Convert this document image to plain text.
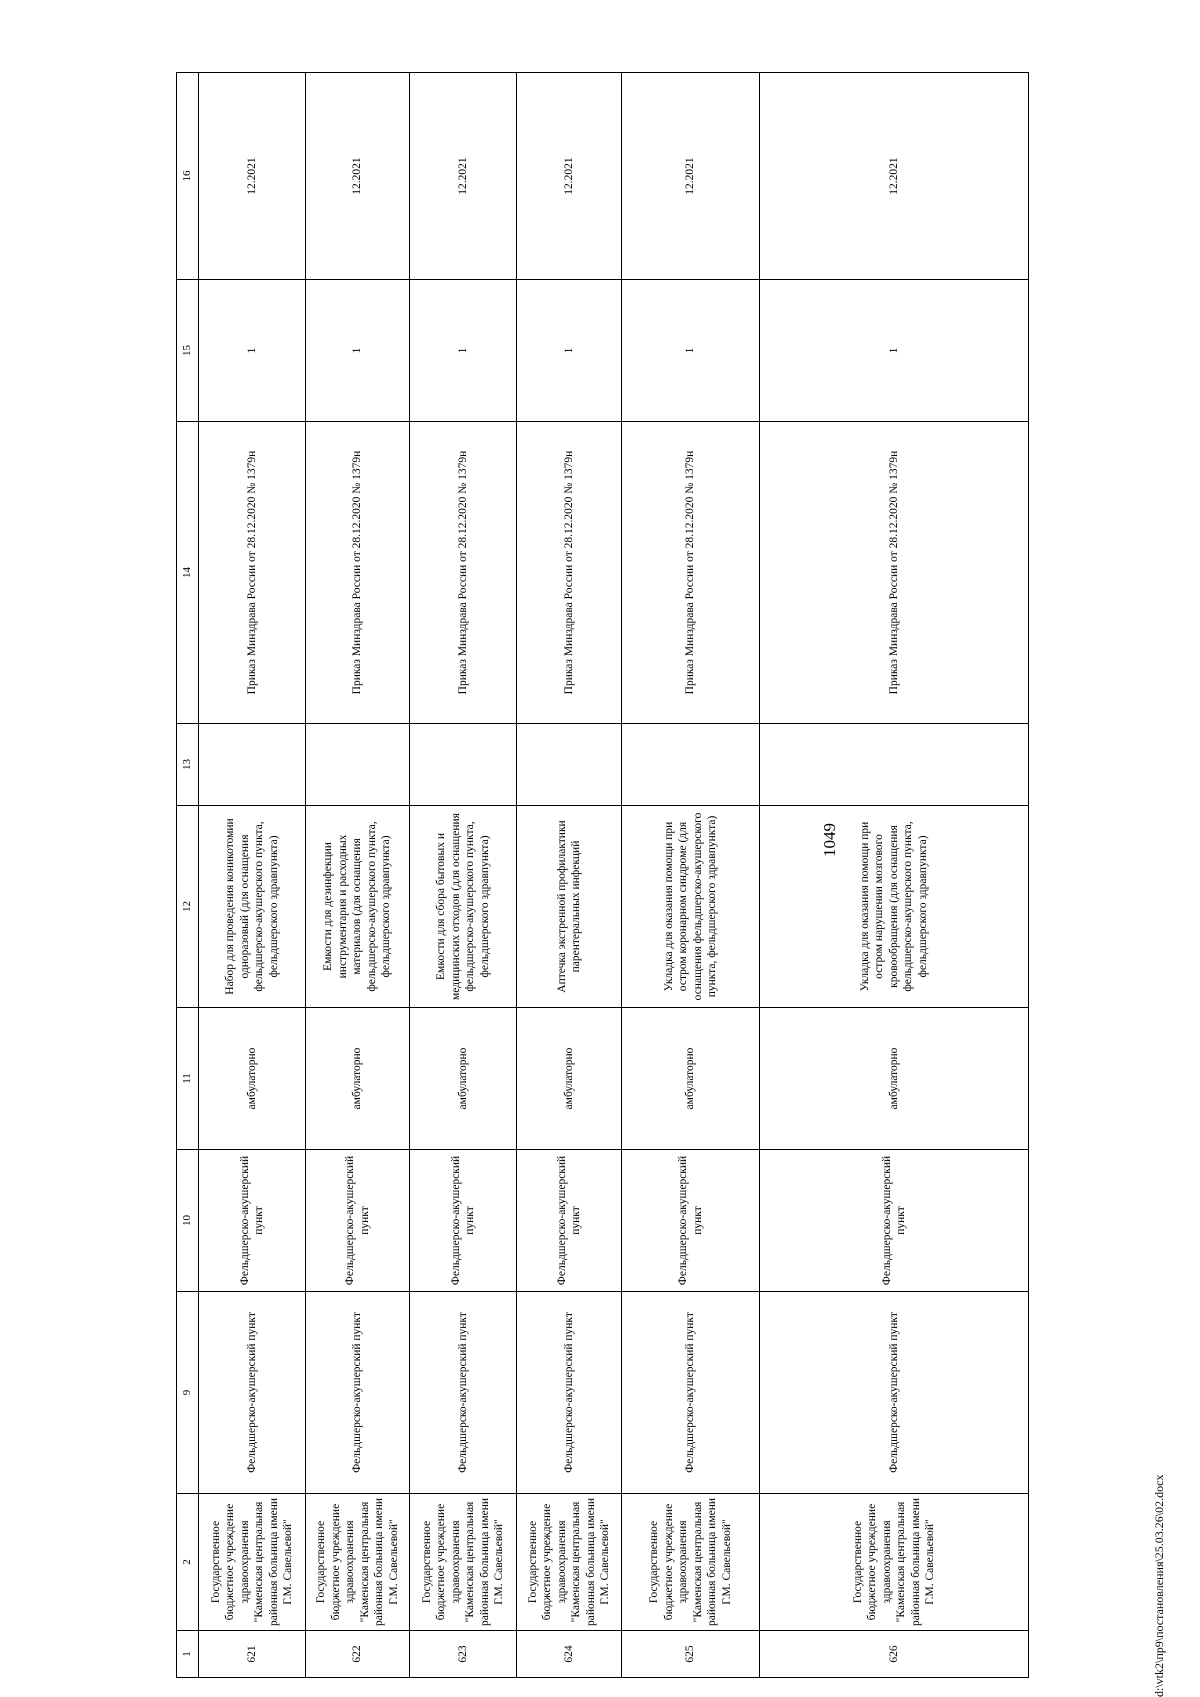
1049
1	2	9	10	11	12	13	14	15	16
621	Государственное бюджетное учреждение здравоохранения "Каменская центральная районная больница имени Г.М. Савельевой"	Фельдшерско-акушерский пункт	Фельдшерско-акушерский пункт	амбулаторно	Набор для проведения коникотомии одноразовый (для оснащения фельдшерско-акушерского пункта, фельдшерского здравпункта)		Приказ Минздрава России от 28.12.2020 № 1379н	1	12.2021
622	Государственное бюджетное учреждение здравоохранения "Каменская центральная районная больница имени Г.М. Савельевой"	Фельдшерско-акушерский пункт	Фельдшерско-акушерский пункт	амбулаторно	Емкости для дезинфекции инструментария и расходных материалов (для оснащения фельдшерско-акушерского пункта, фельдшерского здравпункта)		Приказ Минздрава России от 28.12.2020 № 1379н	1	12.2021
623	Государственное бюджетное учреждение здравоохранения "Каменская центральная районная больница имени Г.М. Савельевой"	Фельдшерско-акушерский пункт	Фельдшерско-акушерский пункт	амбулаторно	Емкости для сбора бытовых и медицинских отходов (для оснащения фельдшерско-акушерского пункта, фельдшерского здравпункта)		Приказ Минздрава России от 28.12.2020 № 1379н	1	12.2021
624	Государственное бюджетное учреждение здравоохранения "Каменская центральная районная больница имени Г.М. Савельевой"	Фельдшерско-акушерский пункт	Фельдшерско-акушерский пункт	амбулаторно	Аптечка экстренной профилактики парентеральных инфекций		Приказ Минздрава России от 28.12.2020 № 1379н	1	12.2021
625	Государственное бюджетное учреждение здравоохранения "Каменская центральная районная больница имени Г.М. Савельевой"	Фельдшерско-акушерский пункт	Фельдшерско-акушерский пункт	амбулаторно	Укладка для оказания помощи при остром коронарном синдроме (для оснащения фельдшерско-акушерского пункта, фельдшерского здравпункта)		Приказ Минздрава России от 28.12.2020 № 1379н	1	12.2021
626	Государственное бюджетное учреждение здравоохранения "Каменская центральная районная больница имени Г.М. Савельевой"	Фельдшерско-акушерский пункт	Фельдшерско-акушерский пункт	амбулаторно	Укладка для оказания помощи при остром нарушении мозгового кровообращения (для оснащения фельдшерско-акушерского пункта, фельдшерского здравпункта)		Приказ Минздрава России от 28.12.2020 № 1379н	1	12.2021
d:\vtk2\пр9\постановления\25.03.26\02.docx
